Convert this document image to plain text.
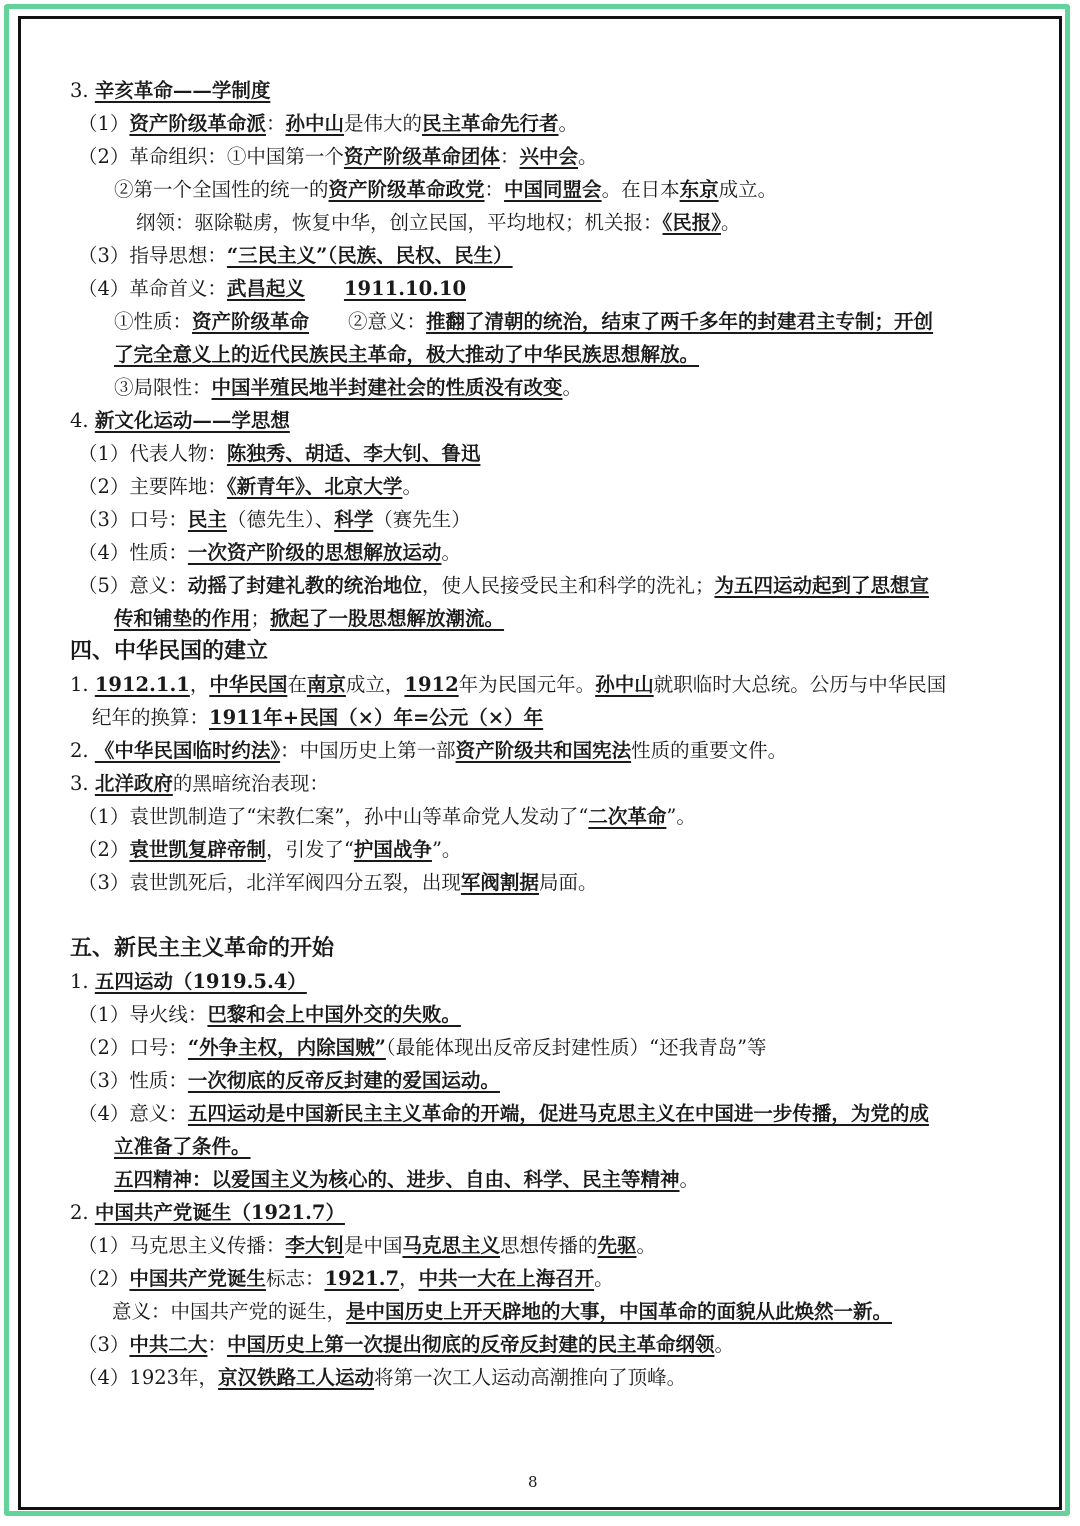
3. 辛亥革命——学制度
（1）资产阶级革命派：孙中山是伟大的民主革命先行者。
（2）革命组织：①中国第一个资产阶级革命团体：兴中会。
②第一个全国性的统一的资产阶级革命政党：中国同盟会。在日本东京成立。
纲领：驱除鞑虏，恢复中华，创立民国，平均地权；机关报：《民报》。
（3）指导思想：“三民主义”（民族、民权、民生）
（4）革命首义：武昌起义　　 1911.10.10
①性质：资产阶级革命　　②意义：推翻了清朝的统治，结束了两千多年的封建君主专制；开创
了完全意义上的近代民族民主革命，极大推动了中华民族思想解放。
③局限性：中国半殖民地半封建社会的性质没有改变。
4. 新文化运动——学思想
（1）代表人物：陈独秀、胡适、李大钊、鲁迅
（2）主要阵地：《新青年》、北京大学。
（3）口号：民主（德先生）、科学（赛先生）
（4）性质：一次资产阶级的思想解放运动。
（5）意义：动摇了封建礼教的统治地位，使人民接受民主和科学的洗礼；为五四运动起到了思想宣
传和铺垫的作用；掀起了一股思想解放潮流。
四、中华民国的建立
1. 1912.1.1，中华民国在南京成立，1912年为民国元年。孙中山就职临时大总统。公历与中华民国
纪年的换算：1911年+民国（×）年=公元（×）年
2. 《中华民国临时约法》：中国历史上第一部资产阶级共和国宪法性质的重要文件。
3. 北洋政府的黑暗统治表现：
（1）袁世凯制造了“宋教仁案”，孙中山等革命党人发动了“二次革命”。
（2）袁世凯复辟帝制，引发了“护国战争”。
（3）袁世凯死后，北洋军阀四分五裂，出现军阀割据局面。
五、新民主主义革命的开始
1. 五四运动（1919.5.4）
（1）导火线：巴黎和会上中国外交的失败。
（2）口号：“外争主权，内除国贼”（最能体现出反帝反封建性质）“还我青岛”等
（3）性质：一次彻底的反帝反封建的爱国运动。
（4）意义：五四运动是中国新民主主义革命的开端，促进马克思主义在中国进一步传播，为党的成
立准备了条件。
五四精神：以爱国主义为核心的、进步、自由、科学、民主等精神。
2. 中国共产党诞生（1921.7）
（1）马克思主义传播：李大钊是中国马克思主义思想传播的先驱。
（2）中国共产党诞生标志：1921.7，中共一大在上海召开。
意义：中国共产党的诞生，是中国历史上开天辟地的大事，中国革命的面貌从此焕然一新。
（3）中共二大：中国历史上第一次提出彻底的反帝反封建的民主革命纲领。
（4）1923年，京汉铁路工人运动将第一次工人运动高潮推向了顶峰。
8
